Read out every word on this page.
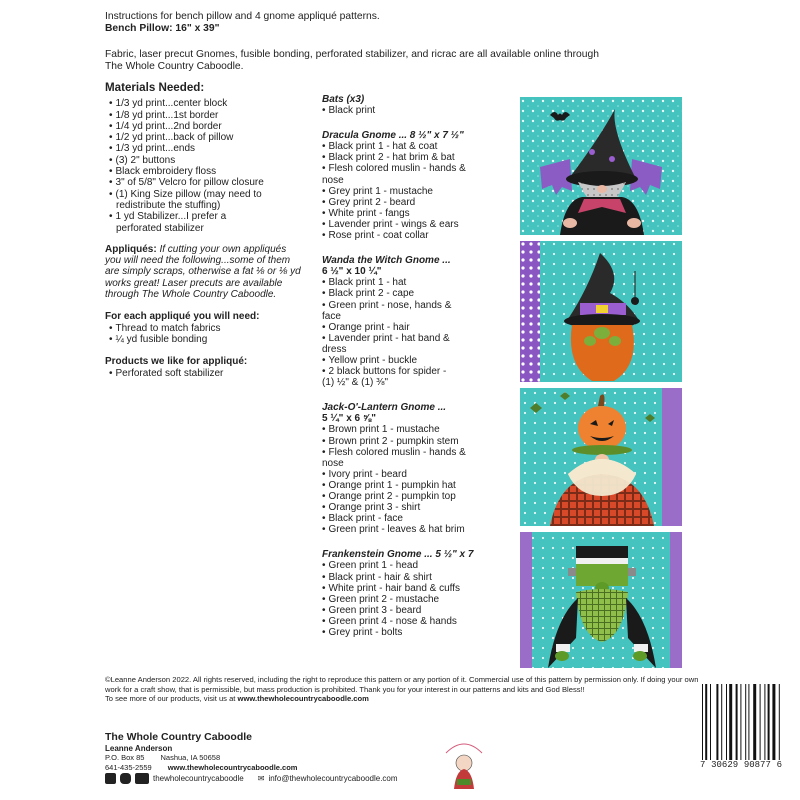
Instructions for bench pillow and 4 gnome appliqué patterns.
Bench Pillow: 16" x 39"
Fabric, laser precut Gnomes, fusible bonding, perforated stabilizer, and ricrac are all available online through
The Whole Country Caboodle.
Materials Needed:
• 1/3 yd print...center block
• 1/8 yd print...1st border
• 1/4 yd print...2nd border
• 1/2 yd print...back of pillow
• 1/3 yd print...ends
• (3) 2" buttons
• Black embroidery floss
• 3" of 5/8" Velcro for pillow closure
• (1) King Size pillow (may need to
redistribute the stuffing)
• 1 yd Stabilizer...I prefer a
perforated stabilizer
Appliqués: If cutting your own appliqués you will need the following...some of them are simply scraps, otherwise a fat ⅛ or ⅛ yd works great! Laser precuts are available through The Whole Country Caboodle.
For each appliqué you will need:
• Thread to match fabrics
• ¼ yd fusible bonding
Products we like for appliqué:
• Perforated soft stabilizer
Bats (x3)
• Black print
Dracula Gnome ... 8 ½" x 7 ½"
• Black print 1 - hat & coat
• Black print 2 - hat brim & bat
• Flesh colored muslin - hands &
nose
• Grey print 1 - mustache
• Grey print 2 - beard
• White print - fangs
• Lavender print - wings & ears
• Rose print - coat collar
Wanda the Witch Gnome ...
6 ½" x 10 ¼"
• Black print 1 - hat
• Black print 2 - cape
• Green print - nose, hands &
face
• Orange print - hair
• Lavender print - hat band &
dress
• Yellow print - buckle
• 2 black buttons for spider -
(1) ½" & (1) ⅜"
Jack-O'-Lantern Gnome ...
5 ¼" x 6 ⅝"
• Brown print 1 - mustache
• Brown print 2 - pumpkin stem
• Flesh colored muslin - hands &
nose
• Ivory print - beard
• Orange print 1 - pumpkin hat
• Orange print 2 - pumpkin top
• Orange print 3 - shirt
• Black print - face
• Green print - leaves & hat brim
Frankenstein Gnome ... 5 ½" x 7
• Green print 1 - head
• Black print - hair & shirt
• White print - hair band & cuffs
• Green print 2 - mustache
• Green print 3 - beard
• Green print 4 - nose & hands
• Grey print - bolts
©Leanne Anderson 2022. All rights reserved, including the right to reproduce this pattern or any portion of it. Commercial use of this pattern by permission only. If doing your own work for a craft show, that is permissible, but mass production is prohibited. Thank you for your interest in our patterns and kits and God Bless!!
To see more of our products, visit us at www.thewholecountrycaboodle.com
The Whole Country Caboodle
Leanne Anderson
P.O. Box 85 Nashua, IA 50658
641-435-2559 www.thewholecountrycaboodle.com
thewholecountrycaboodle ✉ info@thewholecountrycaboodle.com
7 30629 90877 6
